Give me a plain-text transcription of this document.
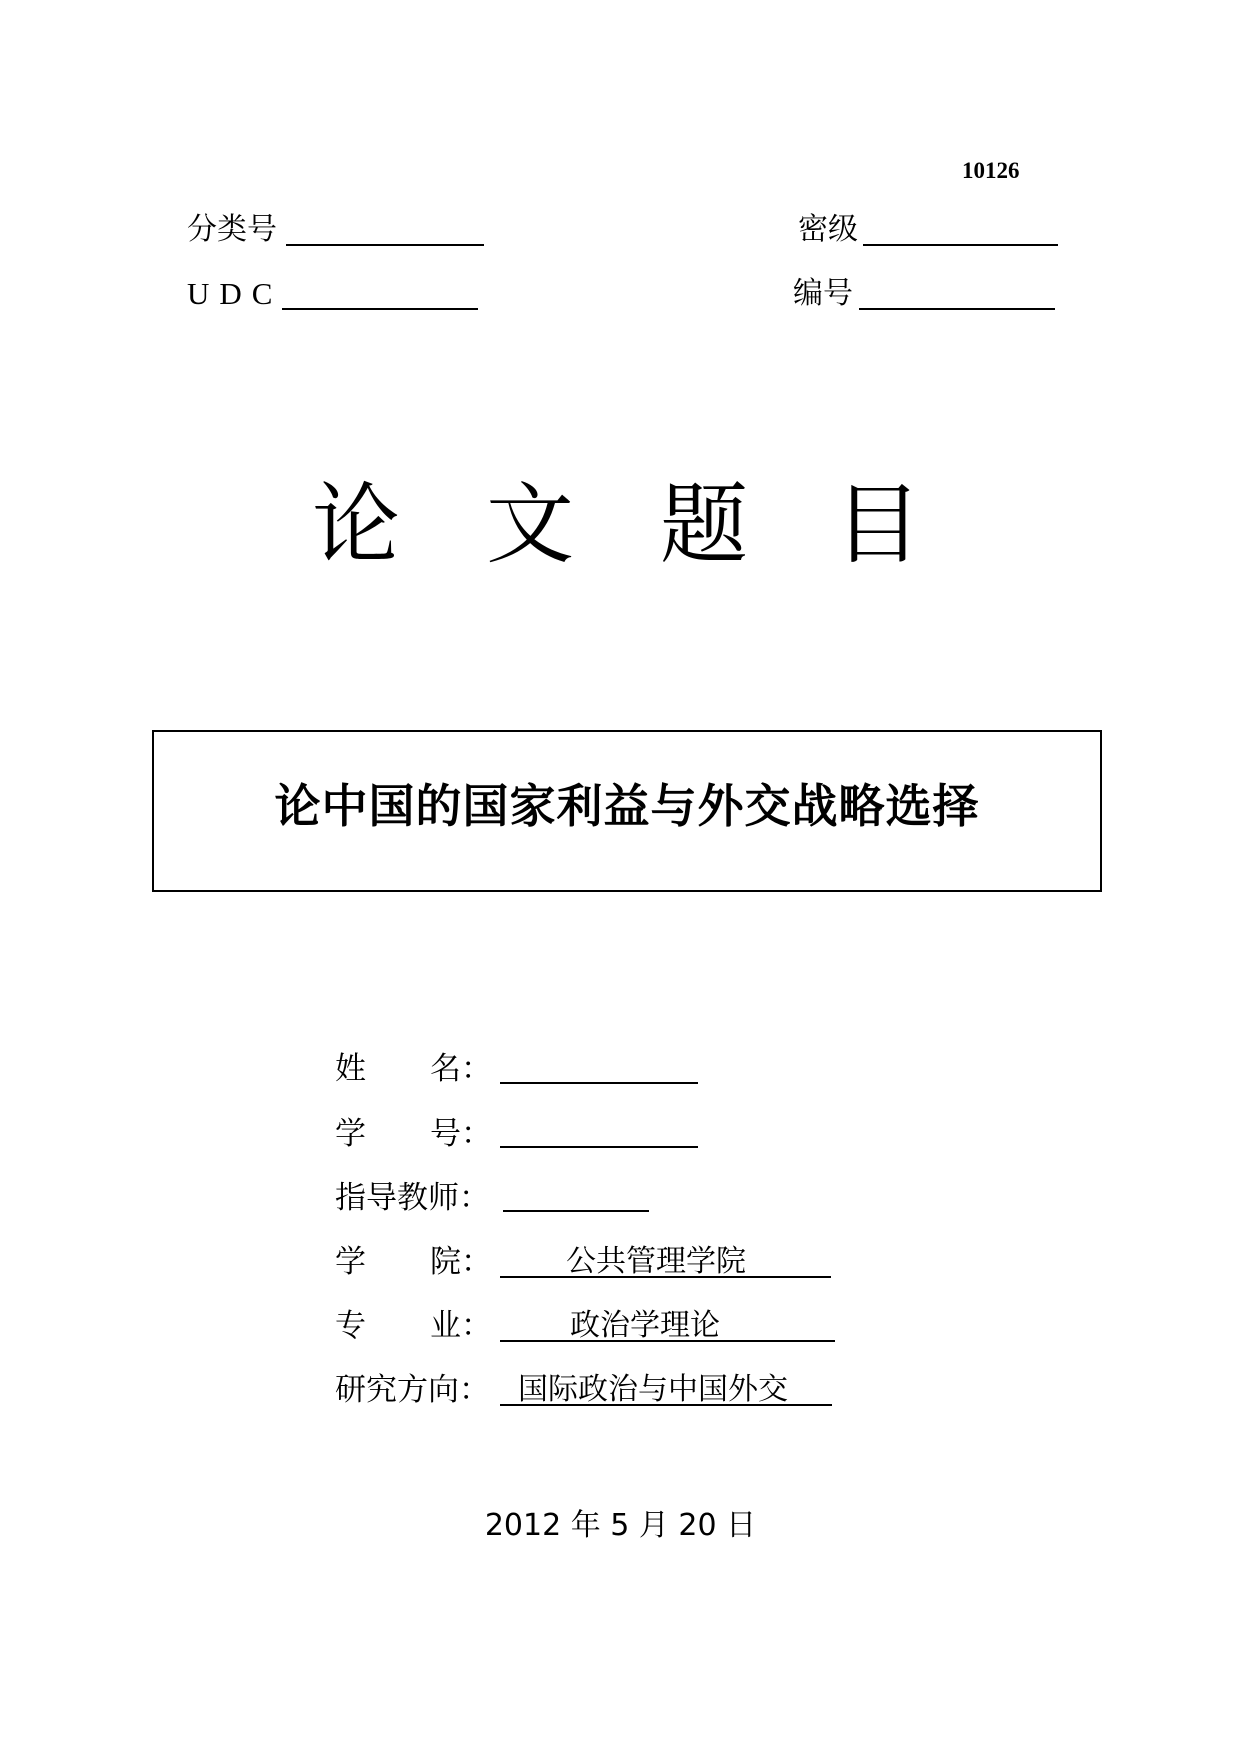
10126
分类号	密级
UDC	编号
论 文 题 目
论中国的国家利益与外交战略选择
姓 名：
学 号：
指导教师：
学 院： 公共管理学院
专 业：	政治学理论
研究方向： 国际政治与中国外交
2012 年 5 月 20 日
